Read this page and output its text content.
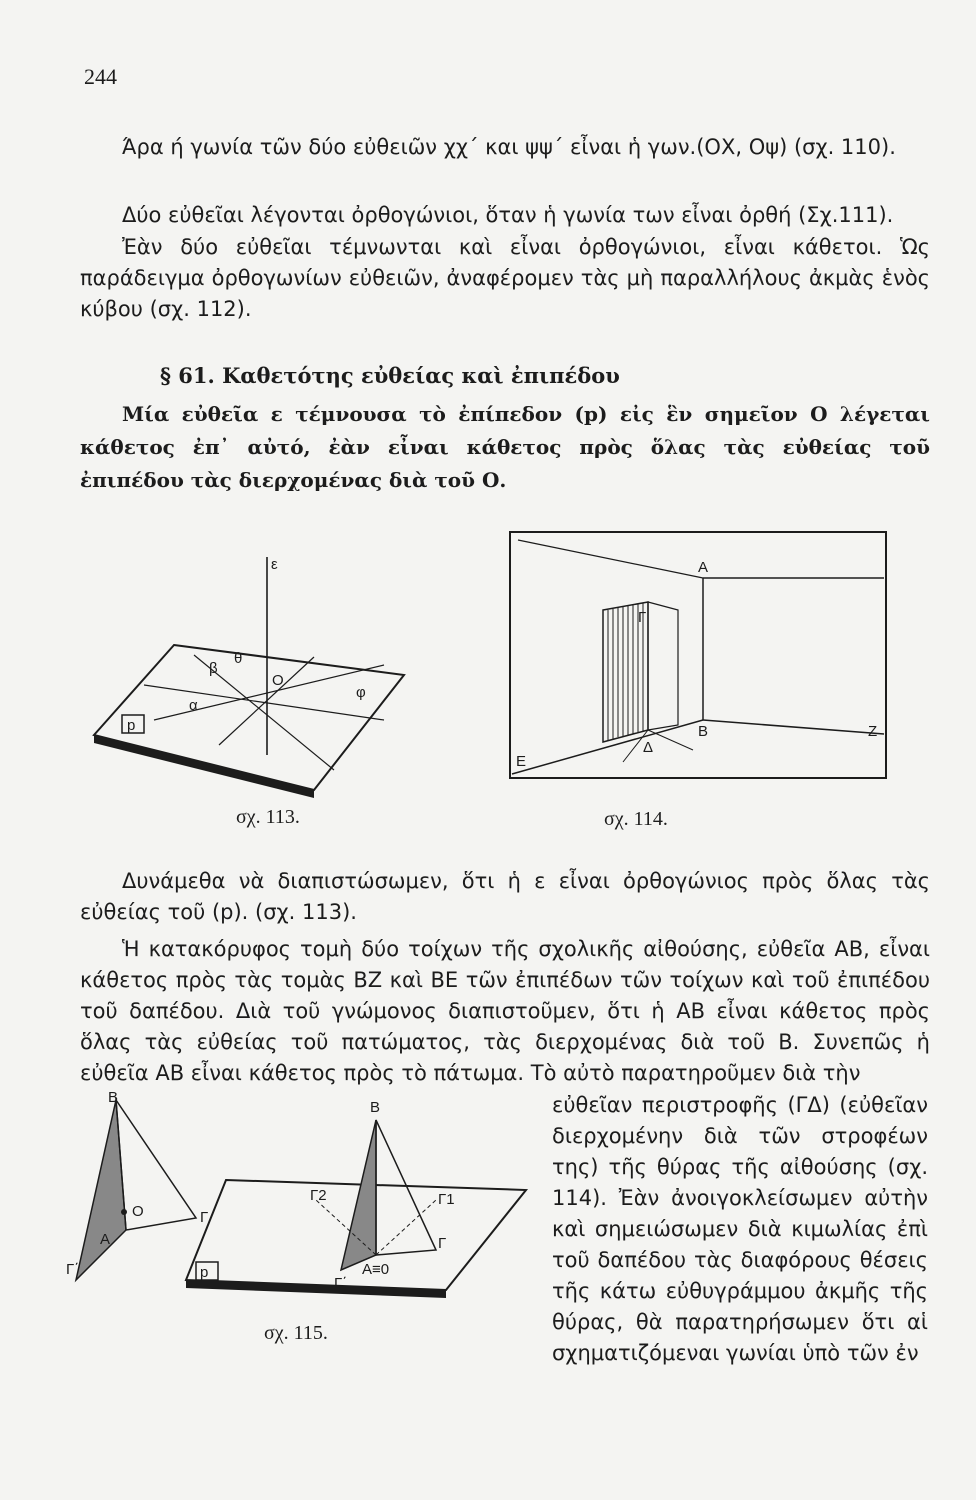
244
Άρα ή γωνία τῶν δύο εὐθειῶν χχ΄ και ψψ΄ εἶναι ἡ γων.(ΟΧ, Οψ) (σχ. 110).
Δύο εὐθεῖαι λέγονται ὀρθογώνιοι, ὅταν ἡ γωνία των εἶναι ὀρθή (Σχ.111).
Ἐὰν δύο εὐθεῖαι τέμνωνται καὶ εἶναι ὀρθογώνιοι, εἶναι κάθετοι. Ὡς παράδειγμα ὀρθογωνίων εὐθειῶν, ἀναφέρομεν τὰς μὴ παραλλήλους ἀκμὰς ἑνὸς κύβου (σχ. 112).
§ 61. Καθετότης εὐθείας καὶ ἐπιπέδου
Μία εὐθεῖα ε τέμνουσα τὸ ἐπίπεδον (p) εἰς ἓν σημεῖον Ο λέγεται κάθετος ἐπ᾿ αὐτό, ἐὰν εἶναι κάθετος πρὸς ὅλας τὰς εὐθείας τοῦ ἐπιπέδου τὰς διερχομένας διὰ τοῦ Ο.
ε
θ
Ο
β
α
φ
p
σχ. 113.
Α
Γ
Δ
Β	Ζ
Ε
σχ. 114.
Δυνάμεθα νὰ διαπιστώσωμεν, ὅτι ἡ ε εἶναι ὀρθογώνιος πρὸς ὅλας τὰς εὐθείας τοῦ (p). (σχ. 113).
Ἡ κατακόρυφος τομὴ δύο τοίχων τῆς σχολικῆς αἰθούσης, εὐθεῖα ΑΒ, εἶναι κάθετος πρὸς τὰς τομὰς ΒΖ καὶ ΒΕ τῶν ἐπιπέδων τῶν τοίχων καὶ τοῦ ἐπιπέδου τοῦ δαπέδου. Διὰ τοῦ γνώμονος διαπιστοῦμεν, ὅτι ἡ ΑΒ εἶναι κάθετος πρὸς ὅλας τὰς εὐθείας τοῦ πατώματος, τὰς διερχομένας διὰ τοῦ Β. Συνεπῶς ἡ εὐθεῖα ΑΒ εἶναι κάθετος πρὸς τὸ πάτωμα. Τὸ αὐτὸ παρατηροῦμεν διὰ τὴν
Β
Ο
Α
Γ
Γ΄	p
Β
Γ2	Γ1
Γ
Α≡0
Γ΄
σχ. 115.
εὐθεῖαν περιστροφῆς (ΓΔ) (εὐθεῖαν διερχομένην διὰ τῶν στροφέων της) τῆς θύρας τῆς αἰθούσης (σχ. 114). Ἐὰν ἀνοιγοκλείσωμεν αὐτὴν καὶ σημειώσωμεν διὰ κιμωλίας ἐπὶ τοῦ δαπέδου τὰς διαφόρους θέσεις τῆς κάτω εὐθυγράμμου ἀκμῆς τῆς θύρας, θὰ παρατηρήσωμεν ὅτι αἱ σχηματιζόμεναι γωνίαι ὑπὸ τῶν ἐν
